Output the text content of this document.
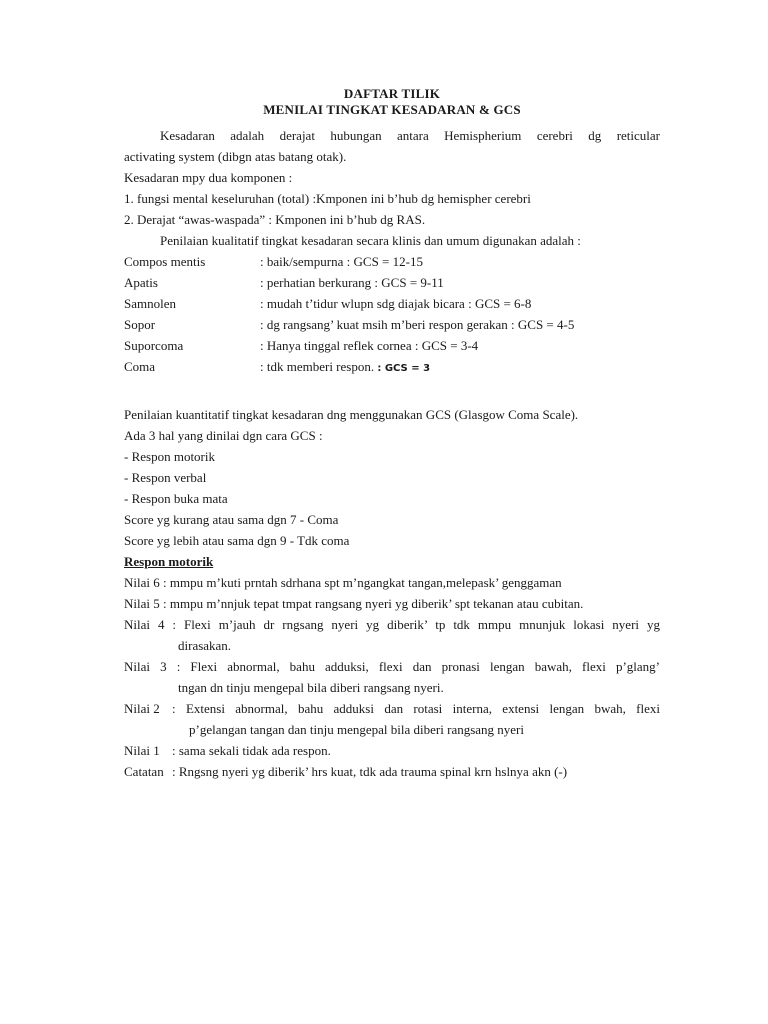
DAFTAR TILIK
MENILAI TINGKAT KESADARAN & GCS
Kesadaran adalah derajat hubungan antara Hemispherium cerebri dg reticular
activating system (dibgn atas batang otak).
Kesadaran mpy dua komponen :
1. fungsi mental keseluruhan (total) :Kmponen ini b’hub dg hemispher cerebri
2. Derajat “awas-waspada” : Kmponen ini b’hub dg RAS.
Penilaian kualitatif tingkat kesadaran secara klinis dan umum digunakan adalah :
Compos mentis	: baik/sempurna : GCS = 12-15
Apatis	: perhatian berkurang : GCS = 9-11
Samnolen	: mudah t’tidur wlupn sdg diajak bicara : GCS = 6-8
Sopor	: dg rangsang’ kuat msih m’beri respon gerakan : GCS = 4-5
Suporcoma	: Hanya tinggal reflek cornea : GCS = 3-4
Coma	: tdk memberi respon. : GCS = 3
Penilaian kuantitatif tingkat kesadaran dng menggunakan GCS (Glasgow Coma Scale).
Ada 3 hal yang dinilai dgn cara GCS :
- Respon motorik
- Respon verbal
- Respon buka mata
Score yg kurang atau sama dgn 7 - Coma
Score yg lebih atau sama dgn 9 - Tdk coma
Respon motorik
Nilai 6 : mmpu m’kuti prntah sdrhana spt m’ngangkat tangan,melepask’ genggaman
Nilai 5 : mmpu m’nnjuk tepat tmpat rangsang nyeri yg diberik’ spt tekanan atau cubitan.
Nilai 4 : Flexi m’jauh dr rngsang nyeri yg diberik’ tp tdk mmpu mnunjuk lokasi nyeri yg
dirasakan.
Nilai 3 : Flexi abnormal, bahu adduksi, flexi dan pronasi lengan bawah, flexi p’glang’
tngan dn tinju mengepal bila diberi rangsang nyeri.
Nilai 2 : Extensi abnormal, bahu adduksi dan rotasi interna, extensi lengan bwah, flexi
p’gelangan tangan dan tinju mengepal bila diberi rangsang nyeri
Nilai 1 : sama sekali tidak ada respon.
Catatan : Rngsng nyeri yg diberik’ hrs kuat, tdk ada trauma spinal krn hslnya akn (-)
